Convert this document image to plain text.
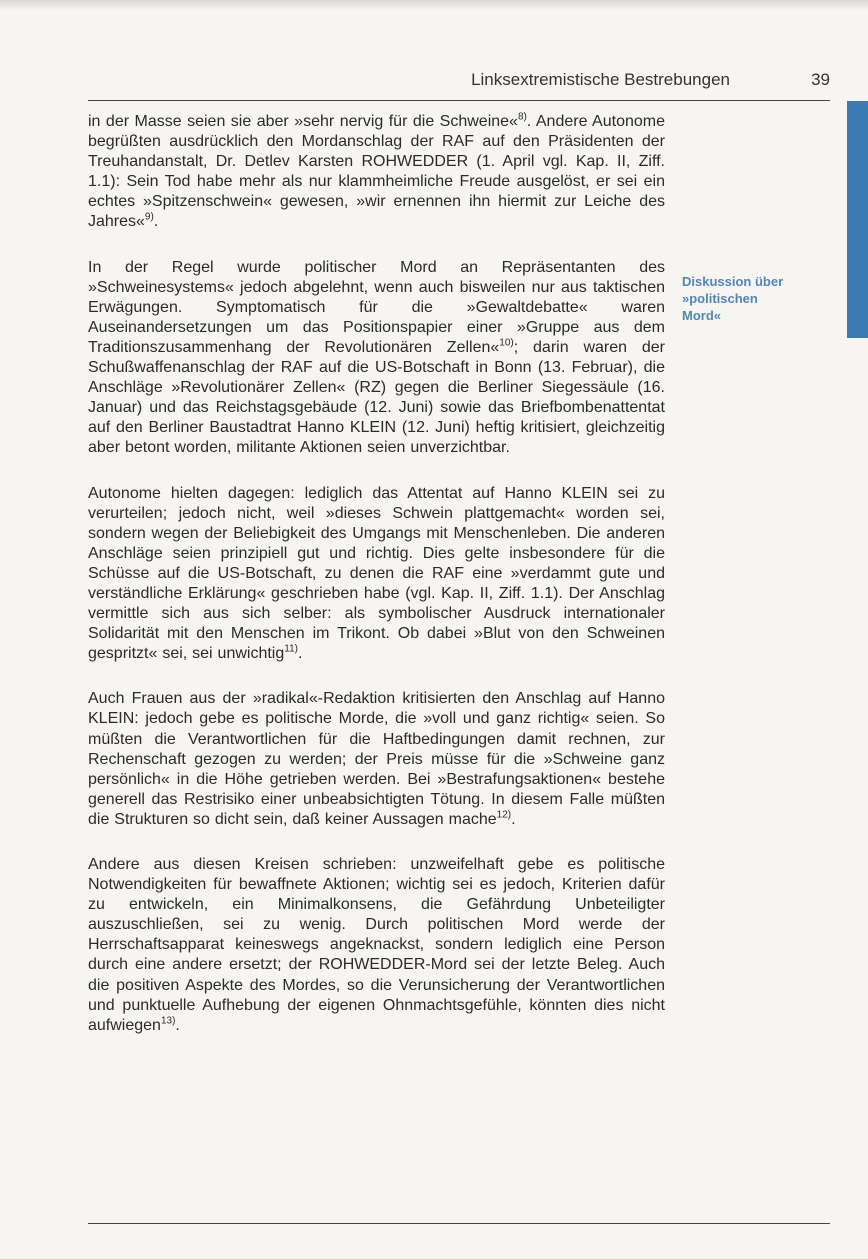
Linksextremistische Bestrebungen	39
Diskussion über
»politischen
Mord«

in der Masse seien sie aber »sehr nervig für die Schweine«$^{8)}$. Andere Autonome begrüßten ausdrücklich den Mordanschlag der RAF auf den Präsidenten der Treuhandanstalt, Dr. Detlev Karsten ROHWEDDER (1. April vgl. Kap. II, Ziff. 1.1): Sein Tod habe mehr als nur klammheimliche Freude ausgelöst, er sei ein echtes »Spitzenschwein« gewesen, »wir ernennen ihn hiermit zur Leiche des Jahres«$^{9)}$.

In der Regel wurde politischer Mord an Repräsentanten des »Schweinesystems« jedoch abgelehnt, wenn auch bisweilen nur aus taktischen Erwägungen. Symptomatisch für die »Gewaltdebatte« waren Auseinandersetzungen um das Positionspapier einer »Gruppe aus dem Traditionszusammenhang der Revolutionären Zellen«$^{10)}$; darin waren der Schußwaffenanschlag der RAF auf die US-Botschaft in Bonn (13. Februar), die Anschläge »Revolutionärer Zellen« (RZ) gegen die Berliner Siegessäule (16. Januar) und das Reichstagsgebäude (12. Juni) sowie das Briefbombenattentat auf den Berliner Baustadtrat Hanno KLEIN (12. Juni) heftig kritisiert, gleichzeitig aber betont worden, militante Aktionen seien unverzichtbar.

Autonome hielten dagegen: lediglich das Attentat auf Hanno KLEIN sei zu verurteilen; jedoch nicht, weil »dieses Schwein plattgemacht« worden sei, sondern wegen der Beliebigkeit des Umgangs mit Menschenleben. Die anderen Anschläge seien prinzipiell gut und richtig. Dies gelte insbesondere für die Schüsse auf die US-Botschaft, zu denen die RAF eine »verdammt gute und verständliche Erklärung« geschrieben habe (vgl. Kap. II, Ziff. 1.1). Der Anschlag vermittle sich aus sich selber: als symbolischer Ausdruck internationaler Solidarität mit den Menschen im Trikont. Ob dabei »Blut von den Schweinen gespritzt« sei, sei unwichtig$^{11)}$.

Auch Frauen aus der »radikal«-Redaktion kritisierten den Anschlag auf Hanno KLEIN: jedoch gebe es politische Morde, die »voll und ganz richtig« seien. So müßten die Verantwortlichen für die Haftbedingungen damit rechnen, zur Rechenschaft gezogen zu werden; der Preis müsse für die »Schweine ganz persönlich« in die Höhe getrieben werden. Bei »Bestrafungsaktionen« bestehe generell das Restrisiko einer unbeabsichtigten Tötung. In diesem Falle müßten die Strukturen so dicht sein, daß keiner Aussagen mache$^{12)}$.

Andere aus diesen Kreisen schrieben: unzweifelhaft gebe es politische Notwendigkeiten für bewaffnete Aktionen; wichtig sei es jedoch, Kriterien dafür zu entwickeln, ein Minimalkonsens, die Gefährdung Unbeteiligter auszuschließen, sei zu wenig. Durch politischen Mord werde der Herrschaftsapparat keineswegs angeknackst, sondern lediglich eine Person durch eine andere ersetzt; der ROHWEDDER-Mord sei der letzte Beleg. Auch die positiven Aspekte des Mordes, so die Verunsicherung der Verantwortlichen und punktuelle Aufhebung der eigenen Ohnmachtsgefühle, könnten dies nicht aufwiegen$^{13)}$.
